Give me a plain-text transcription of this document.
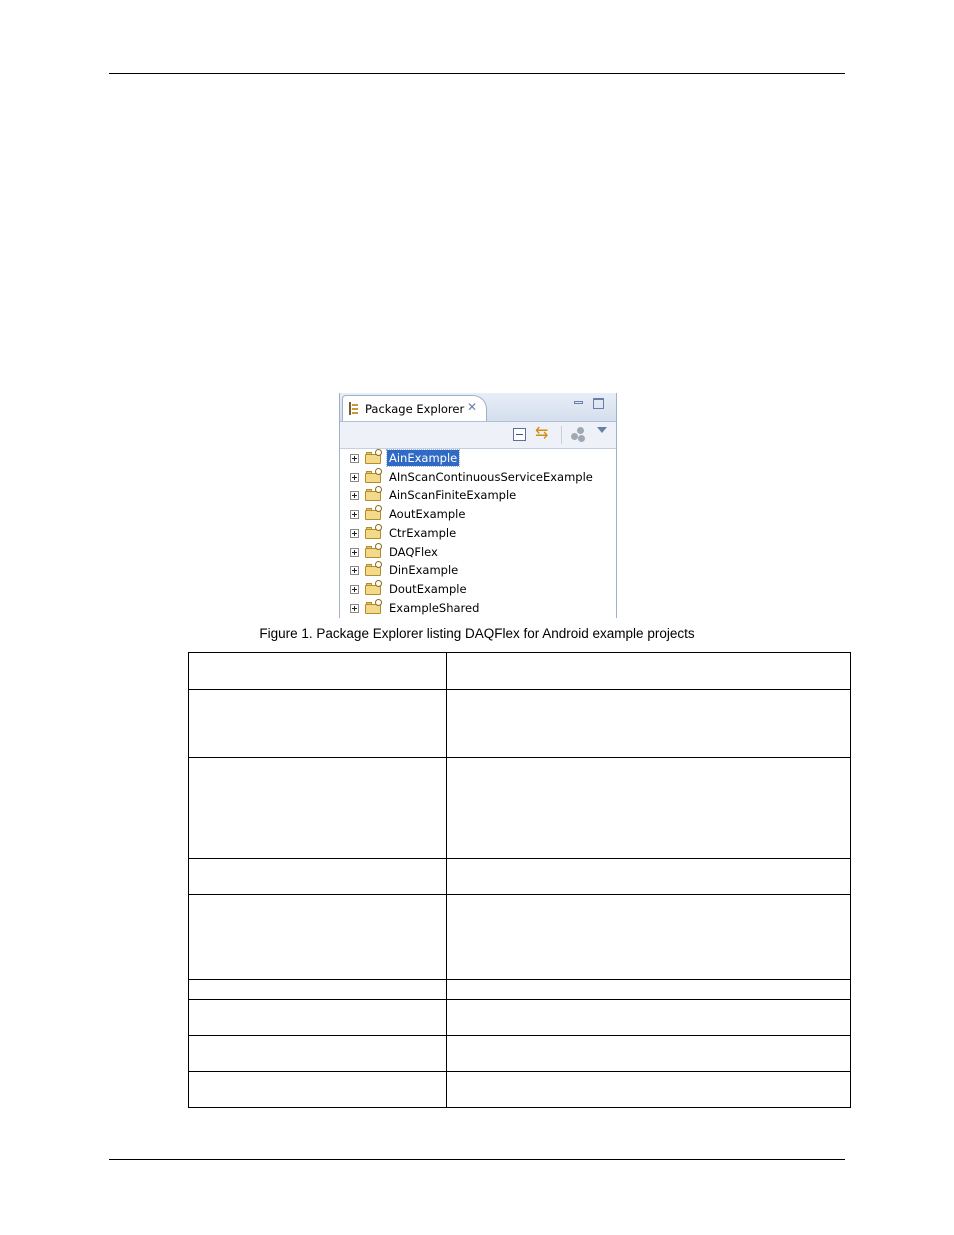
Package Explorer ✕
⇆
AinExample
AInScanContinuousServiceExample
AinScanFiniteExample
AoutExample
CtrExample
DAQFlex
DinExample
DoutExample
ExampleShared
Figure 1. Package Explorer listing DAQFlex for Android example projects
